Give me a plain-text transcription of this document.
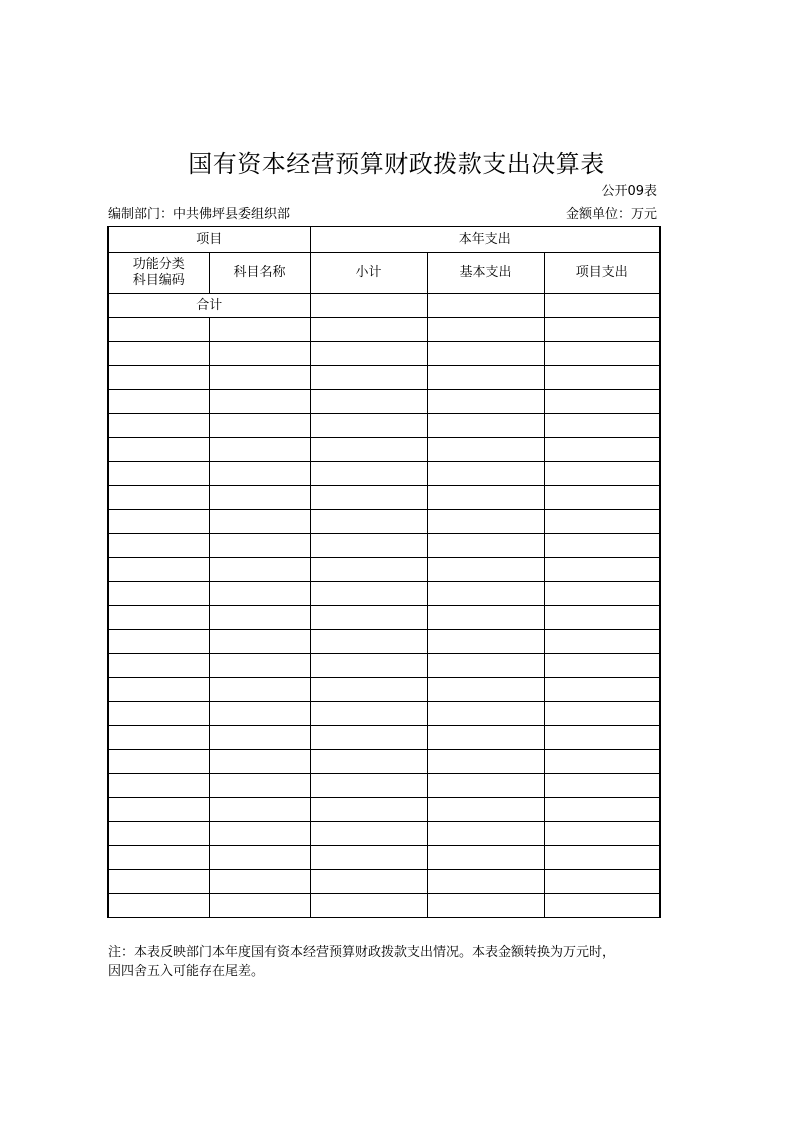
国有资本经营预算财政拨款支出决算表
公开09表
编制部门：中共佛坪县委组织部	金额单位：万元
项目		本年支出		

功能分类
科目编码	科目名称	小计	基本支出	项目支出
合计				

注：本表反映部门本年度国有资本经营预算财政拨款支出情况。本表金额转换为万元时，
因四舍五入可能存在尾差。
